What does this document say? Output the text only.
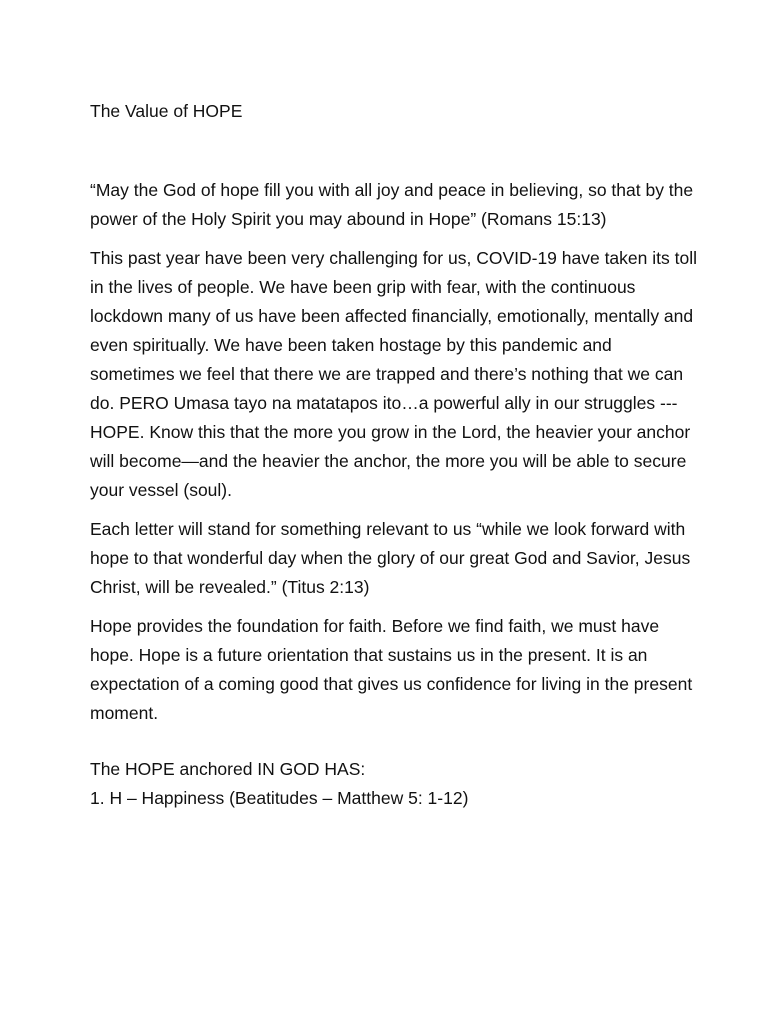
The Value of HOPE

“May the God of hope fill you with all joy and peace in believing, so that by the power of the Holy Spirit you may abound in Hope” (Romans 15:13)

This past year have been very challenging for us, COVID-19 have taken its toll in the lives of people. We have been grip with fear, with the continuous lockdown many of us have been affected financially, emotionally, mentally and even spiritually. We have been taken hostage by this pandemic and sometimes we feel that there we are trapped and there’s nothing that we can do. PERO Umasa tayo na matatapos ito…a powerful ally in our struggles ---HOPE. Know this that the more you grow in the Lord, the heavier your anchor will become—and the heavier the anchor, the more you will be able to secure your vessel (soul).

Each letter will stand for something relevant to us “while we look forward with hope to that wonderful day when the glory of our great God and Savior, Jesus Christ, will be revealed.” (Titus 2:13)

Hope provides the foundation for faith. Before we find faith, we must have hope. Hope is a future orientation that sustains us in the present. It is an expectation of a coming good that gives us confidence for living in the present moment.

The HOPE anchored IN GOD HAS:
1. H – Happiness (Beatitudes – Matthew 5: 1-12)
